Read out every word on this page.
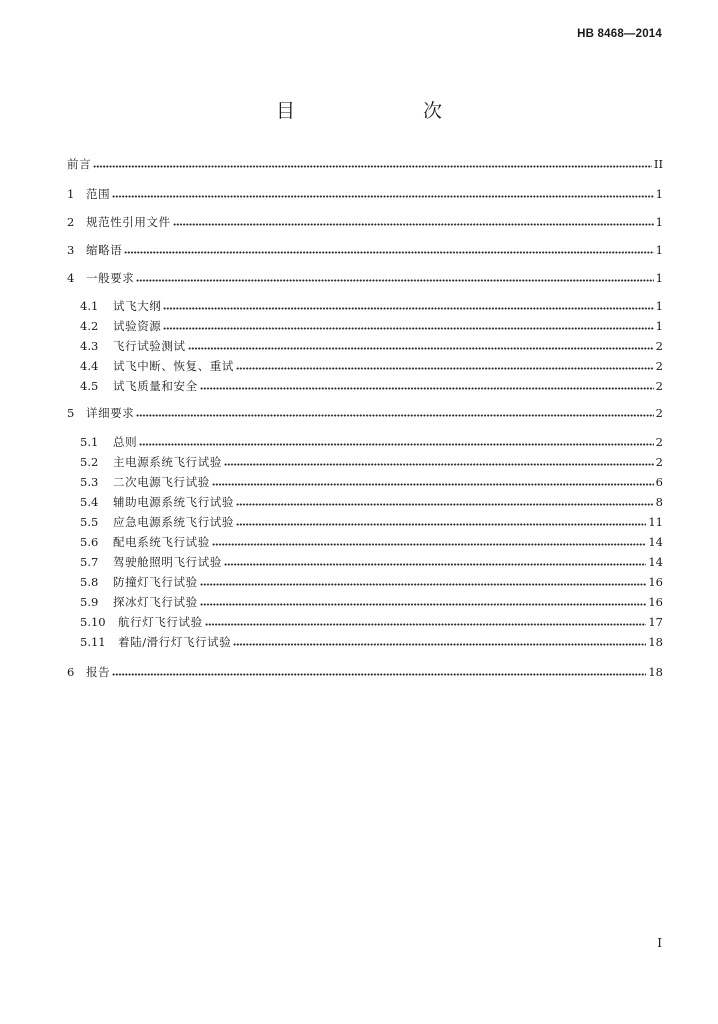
HB 8468—2014
目　　次
前言	II
1	范围	1
2	规范性引用文件	1
3	缩略语	1
4	一般要求	1
4.1	试飞大纲	1
4.2	试验资源	1
4.3	飞行试验测试	2
4.4	试飞中断、恢复、重试	2
4.5	试飞质量和安全	2
5	详细要求	2
5.1	总则	2
5.2	主电源系统飞行试验	2
5.3	二次电源飞行试验	6
5.4	辅助电源系统飞行试验	8
5.5	应急电源系统飞行试验	11
5.6	配电系统飞行试验	14
5.7	驾驶舱照明飞行试验	14
5.8	防撞灯飞行试验	16
5.9	探冰灯飞行试验	16
5.10	航行灯飞行试验	17
5.11	着陆/滑行灯飞行试验	18
6	报告	18
I
